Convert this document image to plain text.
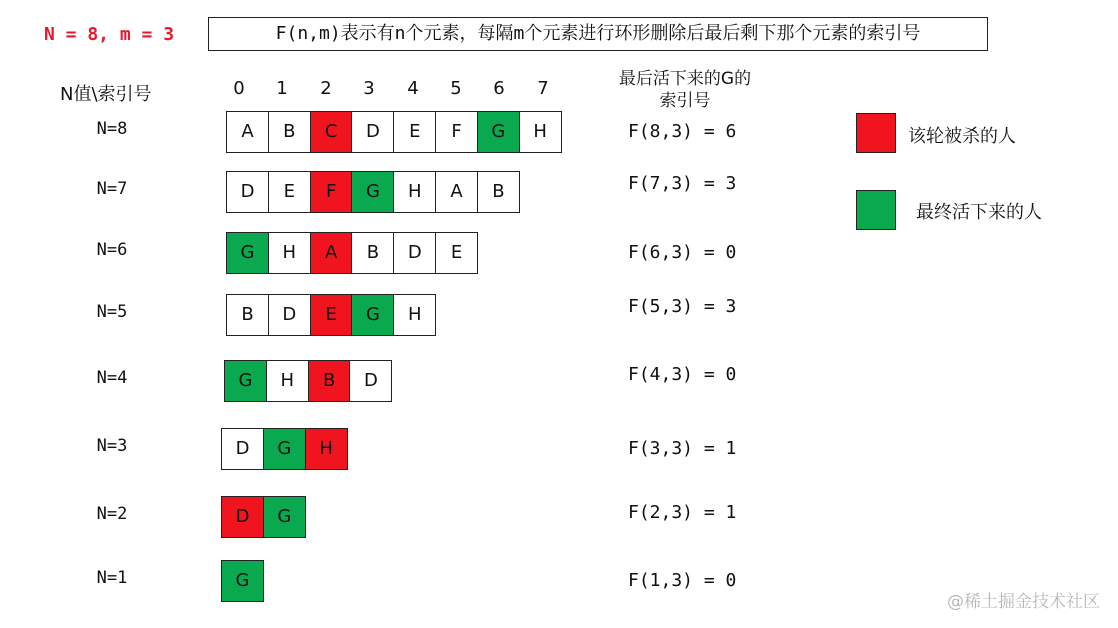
N = 8, m = 3	F(n,m)表示有n个元素，每隔m个元素进行环形删除后最后剩下那个元素的索引号
N值\索引号
最后活下来的G的
索引号
0 1 2 3 4 5 6 7
N=8	A	B	C	D	E	F	G	H	F(8,3) = 6
N=7	D	E	F	G	H	A	B	F(7,3) = 3
N=6	G	H	A	B	D	E	F(6,3) = 0
N=5	B	D	E	G	H	F(5,3) = 3
N=4	G	H	B	D	F(4,3) = 0
N=3	D	G	H	F(3,3) = 1
N=2	D	G	F(2,3) = 1
N=1	G	F(1,3) = 0
该轮被杀的人
最终活下来的人
@稀土掘金技术社区
